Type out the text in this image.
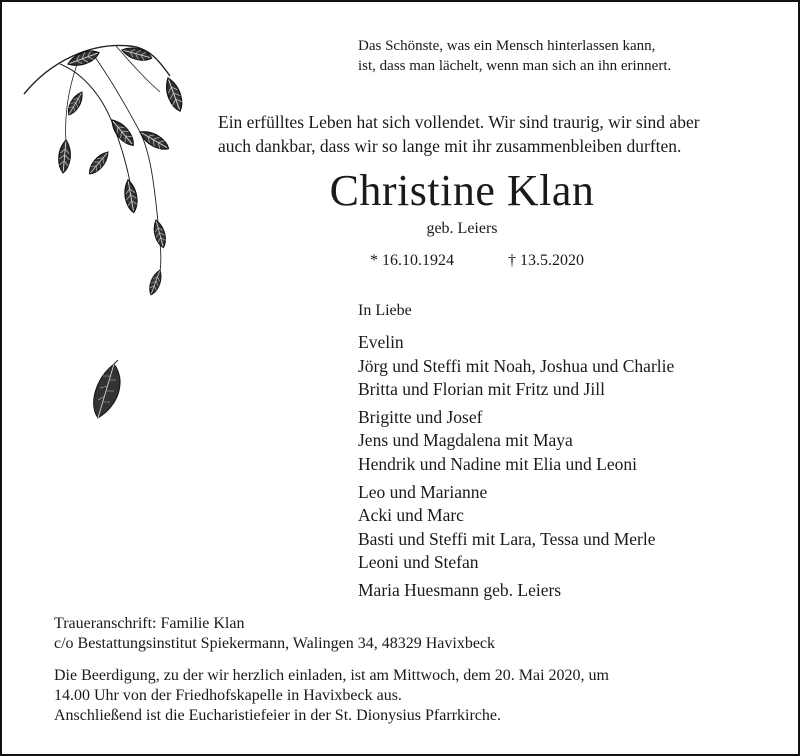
Das Schönste, was ein Mensch hinterlassen kann,
ist, dass man lächelt, wenn man sich an ihn erinnert.
Ein erfülltes Leben hat sich vollendet. Wir sind traurig, wir sind aber
auch dankbar, dass wir so lange mit ihr zusammenbleiben durften.
Christine Klan
geb. Leiers
* 16.10.1924	† 13.5.2020
In Liebe
Evelin
Jörg und Steffi mit Noah, Joshua und Charlie
Britta und Florian mit Fritz und Jill
Brigitte und Josef
Jens und Magdalena mit Maya
Hendrik und Nadine mit Elia und Leoni
Leo und Marianne
Acki und Marc
Basti und Steffi mit Lara, Tessa und Merle
Leoni und Stefan
Maria Huesmann geb. Leiers
Traueranschrift: Familie Klan
c/o Bestattungsinstitut Spiekermann, Walingen 34, 48329 Havixbeck
Die Beerdigung, zu der wir herzlich einladen, ist am Mittwoch, dem 20. Mai 2020, um
14.00 Uhr von der Friedhofskapelle in Havixbeck aus.
Anschließend ist die Eucharistiefeier in der St. Dionysius Pfarrkirche.
